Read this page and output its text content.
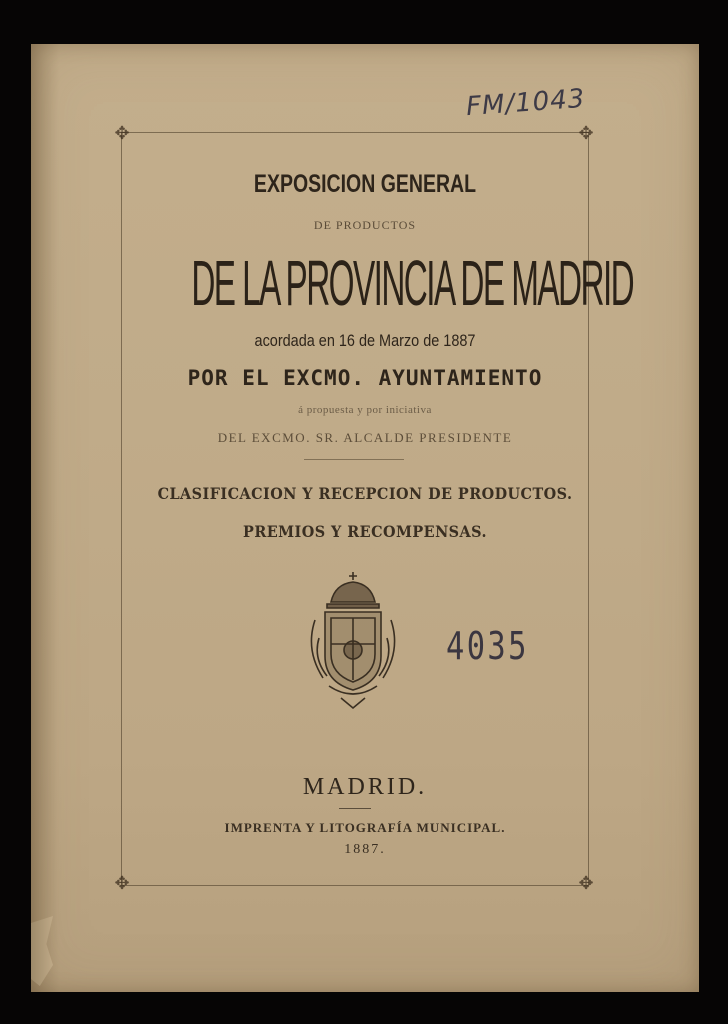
✥	✥
✥	✥
FM/1043
EXPOSICION GENERAL
DE PRODUCTOS
DE LA PROVINCIA DE MADRID
acordada en 16 de Marzo de 1887
POR EL EXCMO. AYUNTAMIENTO
á propuesta y por iniciativa
DEL EXCMO. SR. ALCALDE PRESIDENTE
CLASIFICACION Y RECEPCION DE PRODUCTOS.
PREMIOS Y RECOMPENSAS.
4035
MADRID.
IMPRENTA Y LITOGRAFÍA MUNICIPAL.
1887.
